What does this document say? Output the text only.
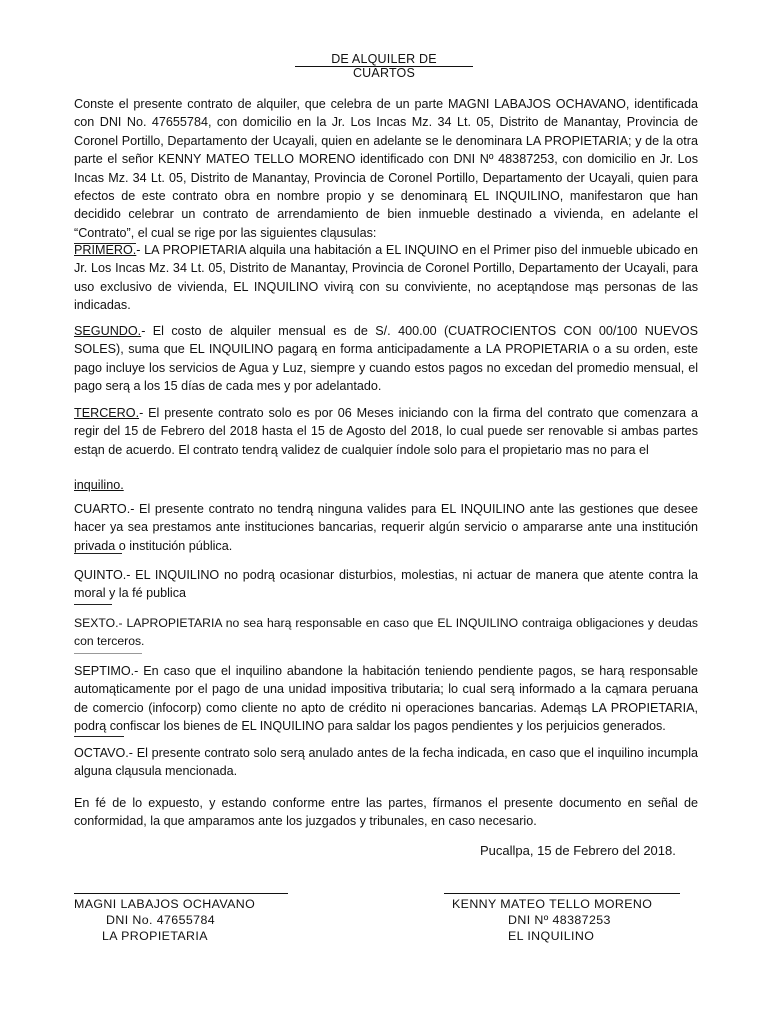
DE ALQUILER DE
CUARTOS

Conste el presente contrato de alquiler, que celebra de un parte MAGNI LABAJOS OCHAVANO, identificada con DNI No. 47655784, con domicilio en la Jr. Los Incas Mz. 34 Lt. 05, Distrito de Manantay, Provincia de Coronel Portillo, Departamento der Ucayali, quien en adelante se le denominara LA PROPIETARIA; y de la otra parte el señor KENNY MATEO TELLO MORENO identificado con DNI Nº 48387253, con domicilio en Jr. Los Incas Mz. 34 Lt. 05, Distrito de Manantay, Provincia de Coronel Portillo, Departamento der Ucayali, quien para efectos de este contrato obra en nombre propio y se denominarą EL INQUILINO, manifestaron que han decidido celebrar un contrato de arrendamiento de bien inmueble destinado a vivienda, en adelante el “Contrato”, el cual se rige por las siguientes cląusulas:

PRIMERO.- LA PROPIETARIA alquila una habitación a EL INQUINO en el Primer piso del inmueble ubicado en Jr. Los Incas Mz. 34 Lt. 05, Distrito de Manantay, Provincia de Coronel Portillo, Departamento der Ucayali, para uso exclusivo de vivienda, EL INQUILINO vivirą con su conviviente, no aceptąndose mąs personas de las indicadas.

SEGUNDO.- El costo de alquiler mensual es de S/. 400.00 (CUATROCIENTOS CON 00/100 NUEVOS SOLES), suma que EL INQUILINO pagarą en forma anticipadamente a LA PROPIETARIA o a su orden, este pago incluye los servicios de Agua y Luz, siempre y cuando estos pagos no excedan del promedio mensual, el pago serą a los 15 días de cada mes y por adelantado.

TERCERO.- El presente contrato solo es por 06 Meses iniciando con la firma del contrato que comenzara a regir del 15 de Febrero del 2018 hasta el 15 de Agosto del 2018, lo cual puede ser renovable si ambas partes estąn de acuerdo. El contrato tendrą validez de cualquier índole solo para el propietario mas no para el

inquilino.

CUARTO.- El presente contrato no tendrą ninguna valides para EL INQUILINO ante las gestiones que desee hacer ya sea prestamos ante instituciones bancarias, requerir algún servicio o ampararse ante una institución privada o institución pública.

QUINTO.- EL INQUILINO no podrą ocasionar disturbios, molestias, ni actuar de manera que atente contra la moral y la fé publica

SEXTO.- LAPROPIETARIA no sea harą responsable en caso que EL INQUILINO contraiga obligaciones y deudas con terceros.

SEPTIMO.- En caso que el inquilino abandone la habitación teniendo pendiente pagos, se harą responsable automąticamente por el pago de una unidad impositiva tributaria; lo cual serą informado a la cąmara peruana de comercio (infocorp) como cliente no apto de crédito ni operaciones bancarias. Ademąs LA PROPIETARIA, podrą confiscar los bienes de EL INQUILINO para saldar los pagos pendientes y los perjuicios generados.

OCTAVO.- El presente contrato solo serą anulado antes de la fecha indicada, en caso que el inquilino incumpla alguna cląusula mencionada.

En fé de lo expuesto, y estando conforme entre las partes, fírmanos el presente documento en señal de conformidad, la que amparamos ante los juzgados y tribunales, en caso necesario.

Pucallpa, 15 de Febrero del 2018.
MAGNI LABAJOS OCHAVANO
DNI No. 47655784
LA PROPIETARIA
KENNY MATEO TELLO MORENO
DNI Nº 48387253
EL INQUILINO
